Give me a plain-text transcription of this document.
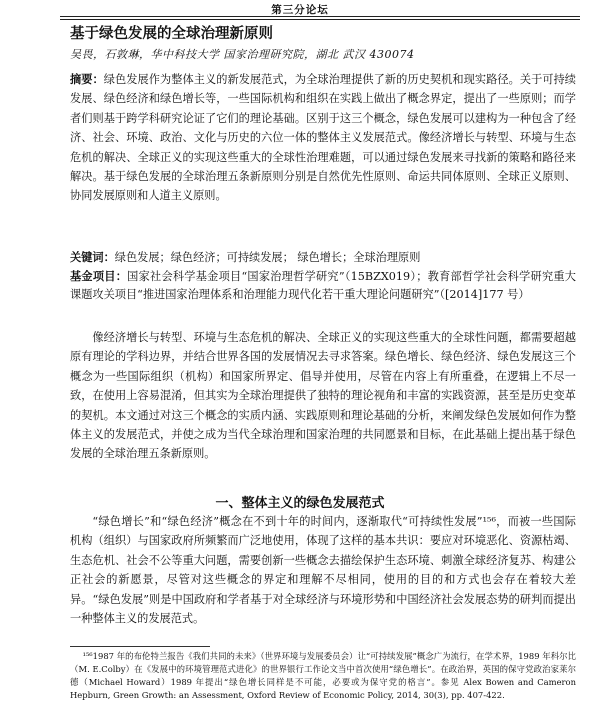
第三分论坛
基于绿色发展的全球治理新原则
吴畏，石敦琳，华中科技大学 国家治理研究院，湖北 武汉 430074
摘要：绿色发展作为整体主义的新发展范式，为全球治理提供了新的历史契机和现实路径。关于可持续发展、绿色经济和绿色增长等，一些国际机构和组织在实践上做出了概念界定，提出了一些原则；而学者们则基于跨学科研究论证了它们的理论基础。区别于这三个概念，绿色发展可以建构为一种包含了经济、社会、环境、政治、文化与历史的六位一体的整体主义发展范式。像经济增长与转型、环境与生态危机的解决、全球正义的实现这些重大的全球性治理难题，可以通过绿色发展来寻找新的策略和路径来解决。基于绿色发展的全球治理五条新原则分别是自然优先性原则、命运共同体原则、全球正义原则、协同发展原则和人道主义原则。
关键词：绿色发展；绿色经济；可持续发展； 绿色增长；全球治理原则
基金项目：国家社会科学基金项目“国家治理哲学研究”（15BZX019）；教育部哲学社会科学研究重大课题攻关项目“推进国家治理体系和治理能力现代化若干重大理论问题研究”（[2014]177 号）
像经济增长与转型、环境与生态危机的解决、全球正义的实现这些重大的全球性问题，都需要超越原有理论的学科边界，并结合世界各国的发展情况去寻求答案。绿色增长、绿色经济、绿色发展这三个概念为一些国际组织（机构）和国家所界定、倡导并使用，尽管在内容上有所重叠，在逻辑上不尽一致，在使用上容易混淆，但其实为全球治理提供了独特的理论视角和丰富的实践资源，甚至是历史变革的契机。本文通过对这三个概念的实质内涵、实践原则和理论基础的分析，来阐发绿色发展如何作为整体主义的发展范式，并使之成为当代全球治理和国家治理的共同愿景和目标，在此基础上提出基于绿色发展的全球治理五条新原则。
一、整体主义的绿色发展范式
“绿色增长”和“绿色经济”概念在不到十年的时间内，逐渐取代“可持续性发展”¹⁵⁶，而被一些国际机构（组织）与国家政府所频繁而广泛地使用，体现了这样的基本共识：要应对环境恶化、资源枯竭、生态危机、社会不公等重大问题，需要创新一些概念去描绘保护生态环境、刺激全球经济复苏、构建公正社会的新愿景，尽管对这些概念的界定和理解不尽相同，使用的目的和方式也会存在着较大差异。“绿色发展”则是中国政府和学者基于对全球经济与环境形势和中国经济社会发展态势的研判而提出一种整体主义的发展范式。
¹⁵⁶1987 年的布伦特兰报告《我们共同的未来》（世界环境与发展委员会）让“可持续发展”概念广为流行，在学术界，1989 年科尔比（M. E.Colby）在《发展中的环境管理范式进化》的世界银行工作论文当中首次使用“绿色增长”。在政治界，英国的保守党政治家莱尔德（Michael Howard）1989 年提出“绿色增长同样是不可能，必要或为保守党的格言”。参见 Alex Bowen and Cameron Hepburn, Green Growth: an Assessment, Oxford Review of Economic Policy, 2014, 30(3), pp. 407-422.
